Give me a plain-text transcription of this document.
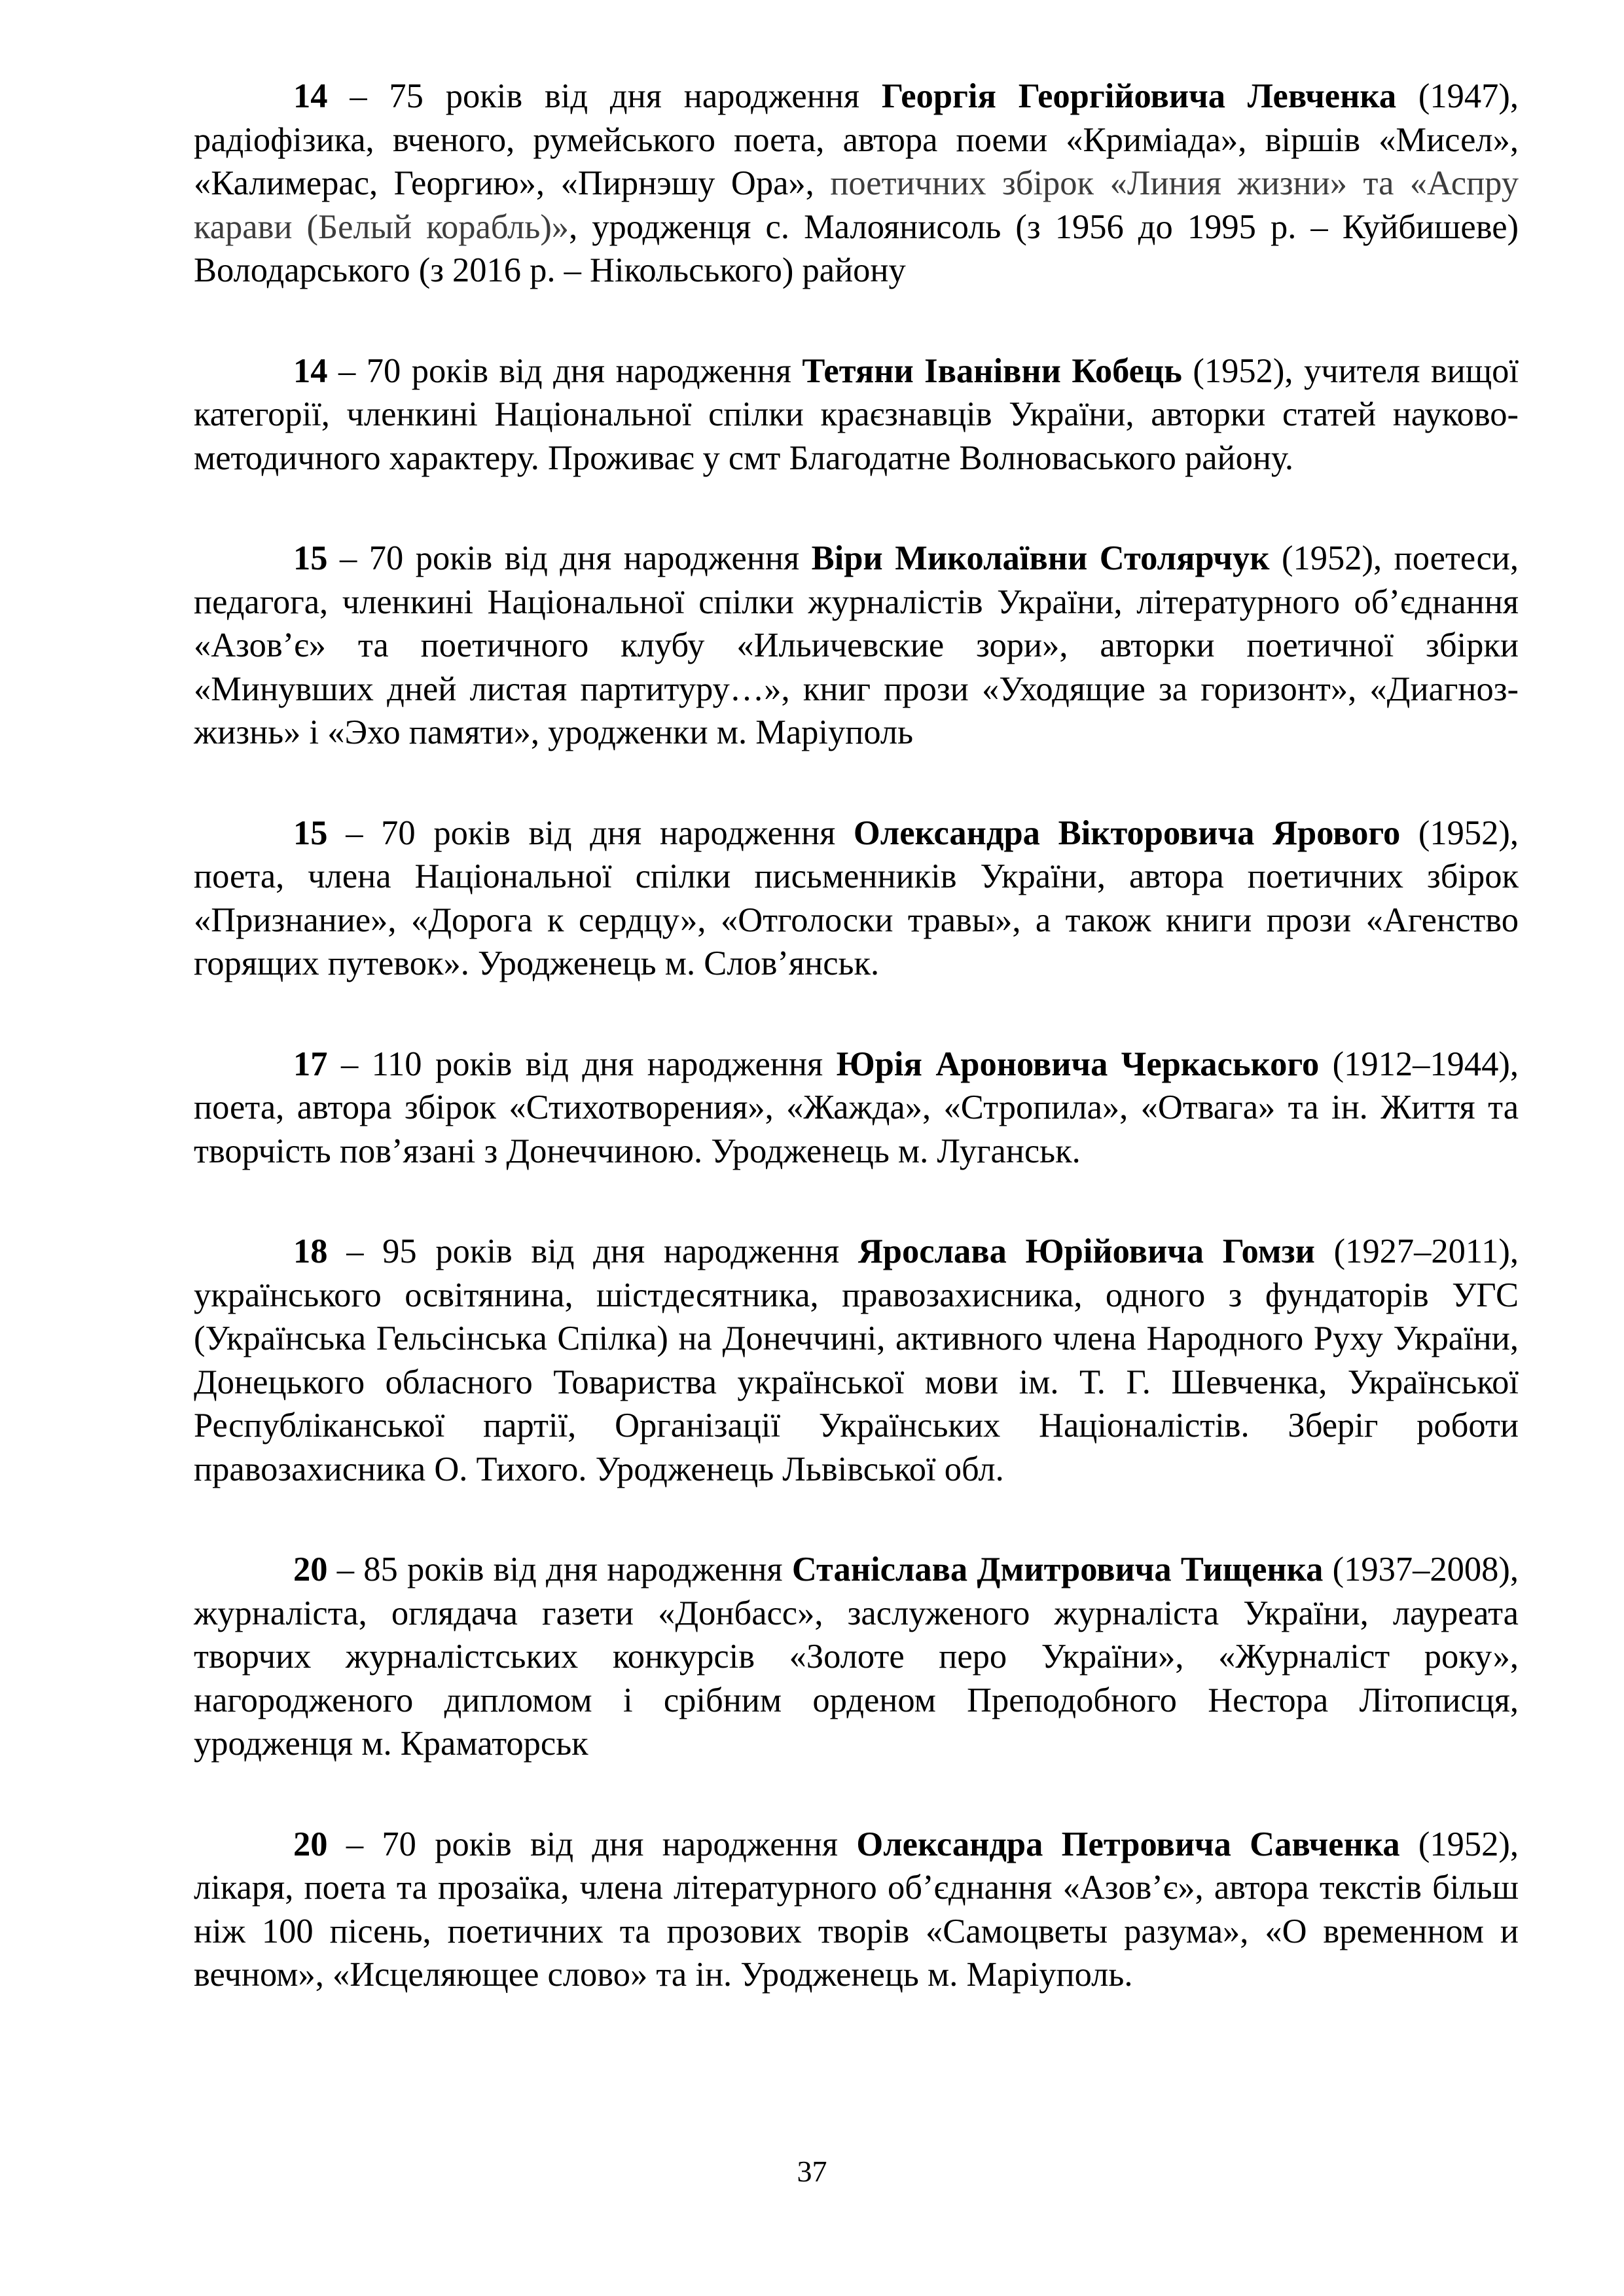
14 – 75 років від дня народження Георгія Георгійовича Левченка (1947), радіофізика, вченого, румейського поета, автора поеми «Криміада», віршів «Мисел», «Калимерас, Георгию», «Пирнэшу Ора», поетичних збірок «Линия жизни» та «Аспру карави (Белый корабль)», уродженця с. Малоянисоль (з 1956 до 1995 р. – Куйбишеве) Володарського (з 2016 р. – Нікольського) району

14 – 70 років від дня народження Тетяни Іванівни Кобець (1952), учителя вищої категорії, членкині Національної спілки краєзнавців України, авторки статей науково-методичного характеру. Проживає у смт Благодатне Волноваського району.

15 – 70 років від дня народження Віри Миколаївни Столярчук (1952), поетеси, педагога, членкині Національної спілки журналістів України, літературного об’єднання «Азов’є» та поетичного клубу «Ильичевские зори», авторки поетичної збірки «Минувших дней листая партитуру…», книг прози «Уходящие за горизонт», «Диагноз-жизнь» і «Эхо памяти», уродженки м. Маріуполь

15 – 70 років від дня народження Олександра Вікторовича Ярового (1952), поета, члена Національної спілки письменників України, автора поетичних збірок «Признание», «Дорога к сердцу», «Отголоски травы», а також книги прози «Агенство горящих путевок». Уродженець м. Слов’янськ.

17 – 110 років від дня народження Юрія Ароновича Черкаського (1912–1944), поета, автора збірок «Стихотворения», «Жажда», «Стропила», «Отвага» та ін. Життя та творчість пов’язані з Донеччиною. Уродженець м. Луганськ.

18 – 95 років від дня народження Ярослава Юрійовича Гомзи (1927–2011), українського освітянина, шістдесятника, правозахисника, одного з фундаторів УГС (Українська Гельсінська Спілка) на Донеччині, активного члена Народного Руху України, Донецького обласного Товариства української мови ім. Т. Г. Шевченка, Української Республіканської партії, Організації Українських Націоналістів. Зберіг роботи правозахисника О. Тихого. Уродженець Львівської обл.

20 – 85 років від дня народження Станіслава Дмитровича Тищенка (1937–2008), журналіста, оглядача газети «Донбасс», заслуженого журналіста України, лауреата творчих журналістських конкурсів «Золоте перо України», «Журналіст року», нагородженого дипломом і срібним орденом Преподобного Нестора Літописця, уродженця м. Краматорськ

20 – 70 років від дня народження Олександра Петровича Савченка (1952), лікаря, поета та прозаїка, члена літературного об’єднання «Азов’є», автора текстів більш ніж 100 пісень, поетичних та прозових творів «Самоцветы разума», «О временном и вечном», «Исцеляющее слово» та ін. Уродженець м. Маріуполь.

37
